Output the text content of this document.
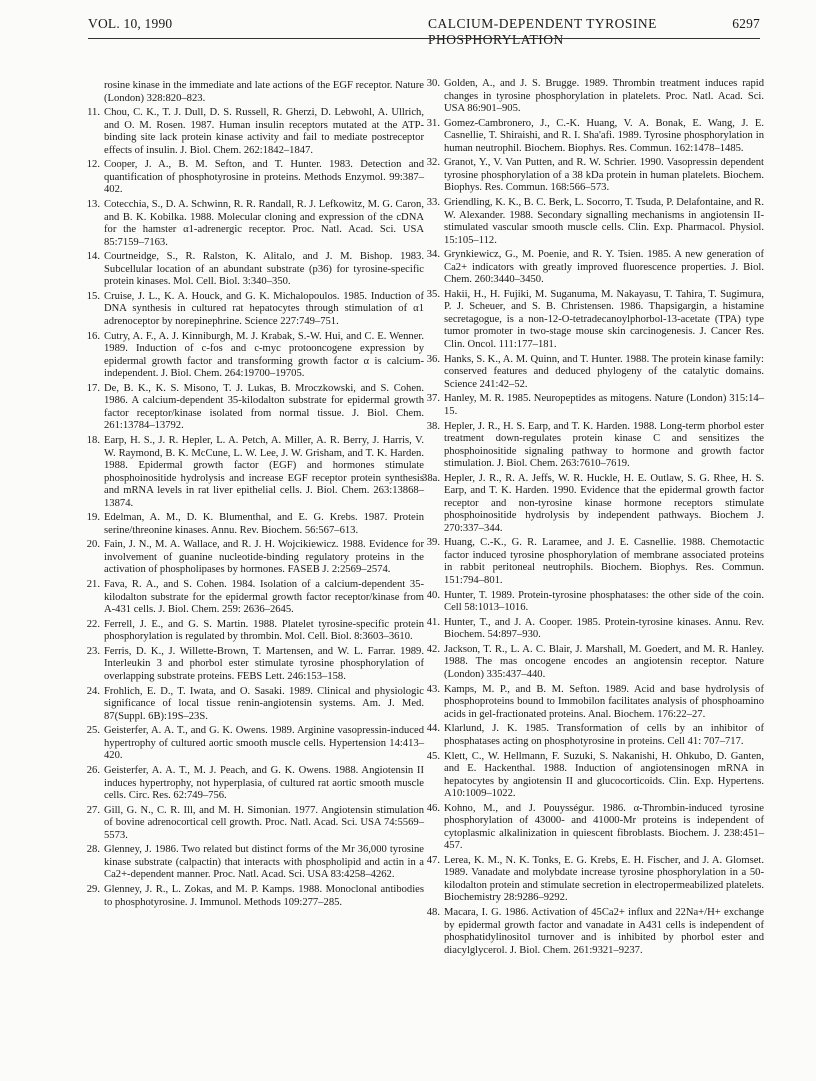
VOL. 10, 1990	CALCIUM-DEPENDENT TYROSINE PHOSPHORYLATION
6297
rosine kinase in the immediate and late actions of the EGF receptor. Nature (London) 328:820–823.
11. Chou, C. K., T. J. Dull, D. S. Russell, R. Gherzi, D. Lebwohl, A. Ullrich, and O. M. Rosen. 1987. Human insulin receptors mutated at the ATP-binding site lack protein kinase activity and fail to mediate postreceptor effects of insulin. J. Biol. Chem. 262:1842–1847.
12. Cooper, J. A., B. M. Sefton, and T. Hunter. 1983. Detection and quantification of phosphotyrosine in proteins. Methods Enzymol. 99:387–402.
13. Cotecchia, S., D. A. Schwinn, R. R. Randall, R. J. Lefkowitz, M. G. Caron, and B. K. Kobilka. 1988. Molecular cloning and expression of the cDNA for the hamster α1-adrenergic receptor. Proc. Natl. Acad. Sci. USA 85:7159–7163.
14. Courtneidge, S., R. Ralston, K. Alitalo, and J. M. Bishop. 1983. Subcellular location of an abundant substrate (p36) for tyrosine-specific protein kinases. Mol. Cell. Biol. 3:340–350.
15. Cruise, J. L., K. A. Houck, and G. K. Michalopoulos. 1985. Induction of DNA synthesis in cultured rat hepatocytes through stimulation of α1 adrenoceptor by norepinephrine. Science 227:749–751.
16. Cutry, A. F., A. J. Kinniburgh, M. J. Krabak, S.-W. Hui, and C. E. Wenner. 1989. Induction of c-fos and c-myc protooncogene expression by epidermal growth factor and transforming growth factor α is calcium-independent. J. Biol. Chem. 264:19700–19705.
17. De, B. K., K. S. Misono, T. J. Lukas, B. Mroczkowski, and S. Cohen. 1986. A calcium-dependent 35-kilodalton substrate for epidermal growth factor receptor/kinase isolated from normal tissue. J. Biol. Chem. 261:13784–13792.
18. Earp, H. S., J. R. Hepler, L. A. Petch, A. Miller, A. R. Berry, J. Harris, V. W. Raymond, B. K. McCune, L. W. Lee, J. W. Grisham, and T. K. Harden. 1988. Epidermal growth factor (EGF) and hormones stimulate phosphoinositide hydrolysis and increase EGF receptor protein synthesis and mRNA levels in rat liver epithelial cells. J. Biol. Chem. 263:13868–13874.
19. Edelman, A. M., D. K. Blumenthal, and E. G. Krebs. 1987. Protein serine/threonine kinases. Annu. Rev. Biochem. 56:567–613.
20. Fain, J. N., M. A. Wallace, and R. J. H. Wojcikiewicz. 1988. Evidence for involvement of guanine nucleotide-binding regulatory proteins in the activation of phospholipases by hormones. FASEB J. 2:2569–2574.
21. Fava, R. A., and S. Cohen. 1984. Isolation of a calcium-dependent 35-kilodalton substrate for the epidermal growth factor receptor/kinase from A-431 cells. J. Biol. Chem. 259: 2636–2645.
22. Ferrell, J. E., and G. S. Martin. 1988. Platelet tyrosine-specific protein phosphorylation is regulated by thrombin. Mol. Cell. Biol. 8:3603–3610.
23. Ferris, D. K., J. Willette-Brown, T. Martensen, and W. L. Farrar. 1989. Interleukin 3 and phorbol ester stimulate tyrosine phosphorylation of overlapping substrate proteins. FEBS Lett. 246:153–158.
24. Frohlich, E. D., T. Iwata, and O. Sasaki. 1989. Clinical and physiologic significance of local tissue renin-angiotensin systems. Am. J. Med. 87(Suppl. 6B):19S–23S.
25. Geisterfer, A. A. T., and G. K. Owens. 1989. Arginine vasopressin-induced hypertrophy of cultured aortic smooth muscle cells. Hypertension 14:413–420.
26. Geisterfer, A. A. T., M. J. Peach, and G. K. Owens. 1988. Angiotensin II induces hypertrophy, not hyperplasia, of cultured rat aortic smooth muscle cells. Circ. Res. 62:749–756.
27. Gill, G. N., C. R. Ill, and M. H. Simonian. 1977. Angiotensin stimulation of bovine adrenocortical cell growth. Proc. Natl. Acad. Sci. USA 74:5569–5573.
28. Glenney, J. 1986. Two related but distinct forms of the Mr 36,000 tyrosine kinase substrate (calpactin) that interacts with phospholipid and actin in a Ca2+-dependent manner. Proc. Natl. Acad. Sci. USA 83:4258–4262.
29. Glenney, J. R., L. Zokas, and M. P. Kamps. 1988. Monoclonal antibodies to phosphotyrosine. J. Immunol. Methods 109:277–285.
30. Golden, A., and J. S. Brugge. 1989. Thrombin treatment induces rapid changes in tyrosine phosphorylation in platelets. Proc. Natl. Acad. Sci. USA 86:901–905.
31. Gomez-Cambronero, J., C.-K. Huang, V. A. Bonak, E. Wang, J. E. Casnellie, T. Shiraishi, and R. I. Sha'afi. 1989. Tyrosine phosphorylation in human neutrophil. Biochem. Biophys. Res. Commun. 162:1478–1485.
32. Granot, Y., V. Van Putten, and R. W. Schrier. 1990. Vasopressin dependent tyrosine phosphorylation of a 38 kDa protein in human platelets. Biochem. Biophys. Res. Commun. 168:566–573.
33. Griendling, K. K., B. C. Berk, L. Socorro, T. Tsuda, P. Delafontaine, and R. W. Alexander. 1988. Secondary signalling mechanisms in angiotensin II-stimulated vascular smooth muscle cells. Clin. Exp. Pharmacol. Physiol. 15:105–112.
34. Grynkiewicz, G., M. Poenie, and R. Y. Tsien. 1985. A new generation of Ca2+ indicators with greatly improved fluorescence properties. J. Biol. Chem. 260:3440–3450.
35. Hakii, H., H. Fujiki, M. Suganuma, M. Nakayasu, T. Tahira, T. Sugimura, P. J. Scheuer, and S. B. Christensen. 1986. Thapsigargin, a histamine secretagogue, is a non-12-O-tetradecanoylphorbol-13-acetate (TPA) type tumor promoter in two-stage mouse skin carcinogenesis. J. Cancer Res. Clin. Oncol. 111:177–181.
36. Hanks, S. K., A. M. Quinn, and T. Hunter. 1988. The protein kinase family: conserved features and deduced phylogeny of the catalytic domains. Science 241:42–52.
37. Hanley, M. R. 1985. Neuropeptides as mitogens. Nature (London) 315:14–15.
38. Hepler, J. R., H. S. Earp, and T. K. Harden. 1988. Long-term phorbol ester treatment down-regulates protein kinase C and sensitizes the phosphoinositide signaling pathway to hormone and growth factor stimulation. J. Biol. Chem. 263:7610–7619.
38a. Hepler, J. R., R. A. Jeffs, W. R. Huckle, H. E. Outlaw, S. G. Rhee, H. S. Earp, and T. K. Harden. 1990. Evidence that the epidermal growth factor receptor and non-tyrosine kinase hormone receptors stimulate phosphoinositide hydrolysis by independent pathways. Biochem J. 270:337–344.
39. Huang, C.-K., G. R. Laramee, and J. E. Casnellie. 1988. Chemotactic factor induced tyrosine phosphorylation of membrane associated proteins in rabbit peritoneal neutrophils. Biochem. Biophys. Res. Commun. 151:794–801.
40. Hunter, T. 1989. Protein-tyrosine phosphatases: the other side of the coin. Cell 58:1013–1016.
41. Hunter, T., and J. A. Cooper. 1985. Protein-tyrosine kinases. Annu. Rev. Biochem. 54:897–930.
42. Jackson, T. R., L. A. C. Blair, J. Marshall, M. Goedert, and M. R. Hanley. 1988. The mas oncogene encodes an angiotensin receptor. Nature (London) 335:437–440.
43. Kamps, M. P., and B. M. Sefton. 1989. Acid and base hydrolysis of phosphoproteins bound to Immobilon facilitates analysis of phosphoamino acids in gel-fractionated proteins. Anal. Biochem. 176:22–27.
44. Klarlund, J. K. 1985. Transformation of cells by an inhibitor of phosphatases acting on phosphotyrosine in proteins. Cell 41: 707–717.
45. Klett, C., W. Hellmann, F. Suzuki, S. Nakanishi, H. Ohkubo, D. Ganten, and E. Hackenthal. 1988. Induction of angiotensinogen mRNA in hepatocytes by angiotensin II and glucocorticoids. Clin. Exp. Hypertens. A10:1009–1022.
46. Kohno, M., and J. Pouysségur. 1986. α-Thrombin-induced tyrosine phosphorylation of 43000- and 41000-Mr proteins is independent of cytoplasmic alkalinization in quiescent fibroblasts. Biochem. J. 238:451–457.
47. Lerea, K. M., N. K. Tonks, E. G. Krebs, E. H. Fischer, and J. A. Glomset. 1989. Vanadate and molybdate increase tyrosine phosphorylation in a 50-kilodalton protein and stimulate secretion in electropermeabilized platelets. Biochemistry 28:9286–9292.
48. Macara, I. G. 1986. Activation of 45Ca2+ influx and 22Na+/H+ exchange by epidermal growth factor and vanadate in A431 cells is independent of phosphatidylinositol turnover and is inhibited by phorbol ester and diacylglycerol. J. Biol. Chem. 261:9321–9237.
